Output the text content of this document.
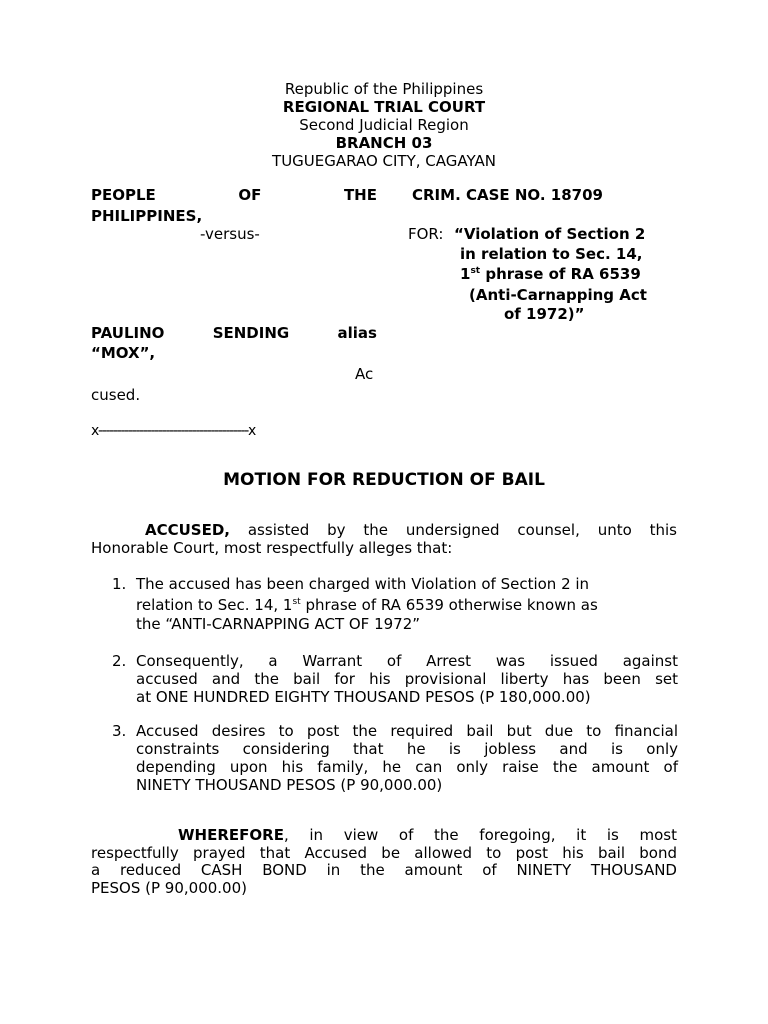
Republic of the Philippines
REGIONAL TRIAL COURT
Second Judicial Region
BRANCH 03
TUGUEGARAO CITY, CAGAYAN
PEOPLE	OF	THE
PHILIPPINES,
-versus-
PAULINO	SENDING	alias
“MOX”,
Ac
cused.
x----------------------------------------x
CRIM. CASE NO. 18709
FOR: “Violation of Section 2
in relation to Sec. 14,
1st phrase of RA 6539
(Anti-Carnapping Act
of 1972)”
MOTION FOR REDUCTION OF BAIL
ACCUSED, assisted by the undersigned counsel, unto this
Honorable Court, most respectfully alleges that:
1. The accused has been charged with Violation of Section 2 in
relation to Sec. 14, 1st phrase of RA 6539 otherwise known as
the “ANTI-CARNAPPING ACT OF 1972”
2. Consequently, a Warrant of Arrest was issued against
accused and the bail for his provisional liberty has been set
at ONE HUNDRED EIGHTY THOUSAND PESOS (P 180,000.00)
3. Accused desires to post the required bail but due to financial
constraints considering that he is jobless and is only
depending upon his family, he can only raise the amount of
NINETY THOUSAND PESOS (P 90,000.00)
WHEREFORE, in view of the foregoing, it is most
respectfully prayed that Accused be allowed to post his bail bond
a reduced CASH BOND in the amount of NINETY THOUSAND
PESOS (P 90,000.00)
